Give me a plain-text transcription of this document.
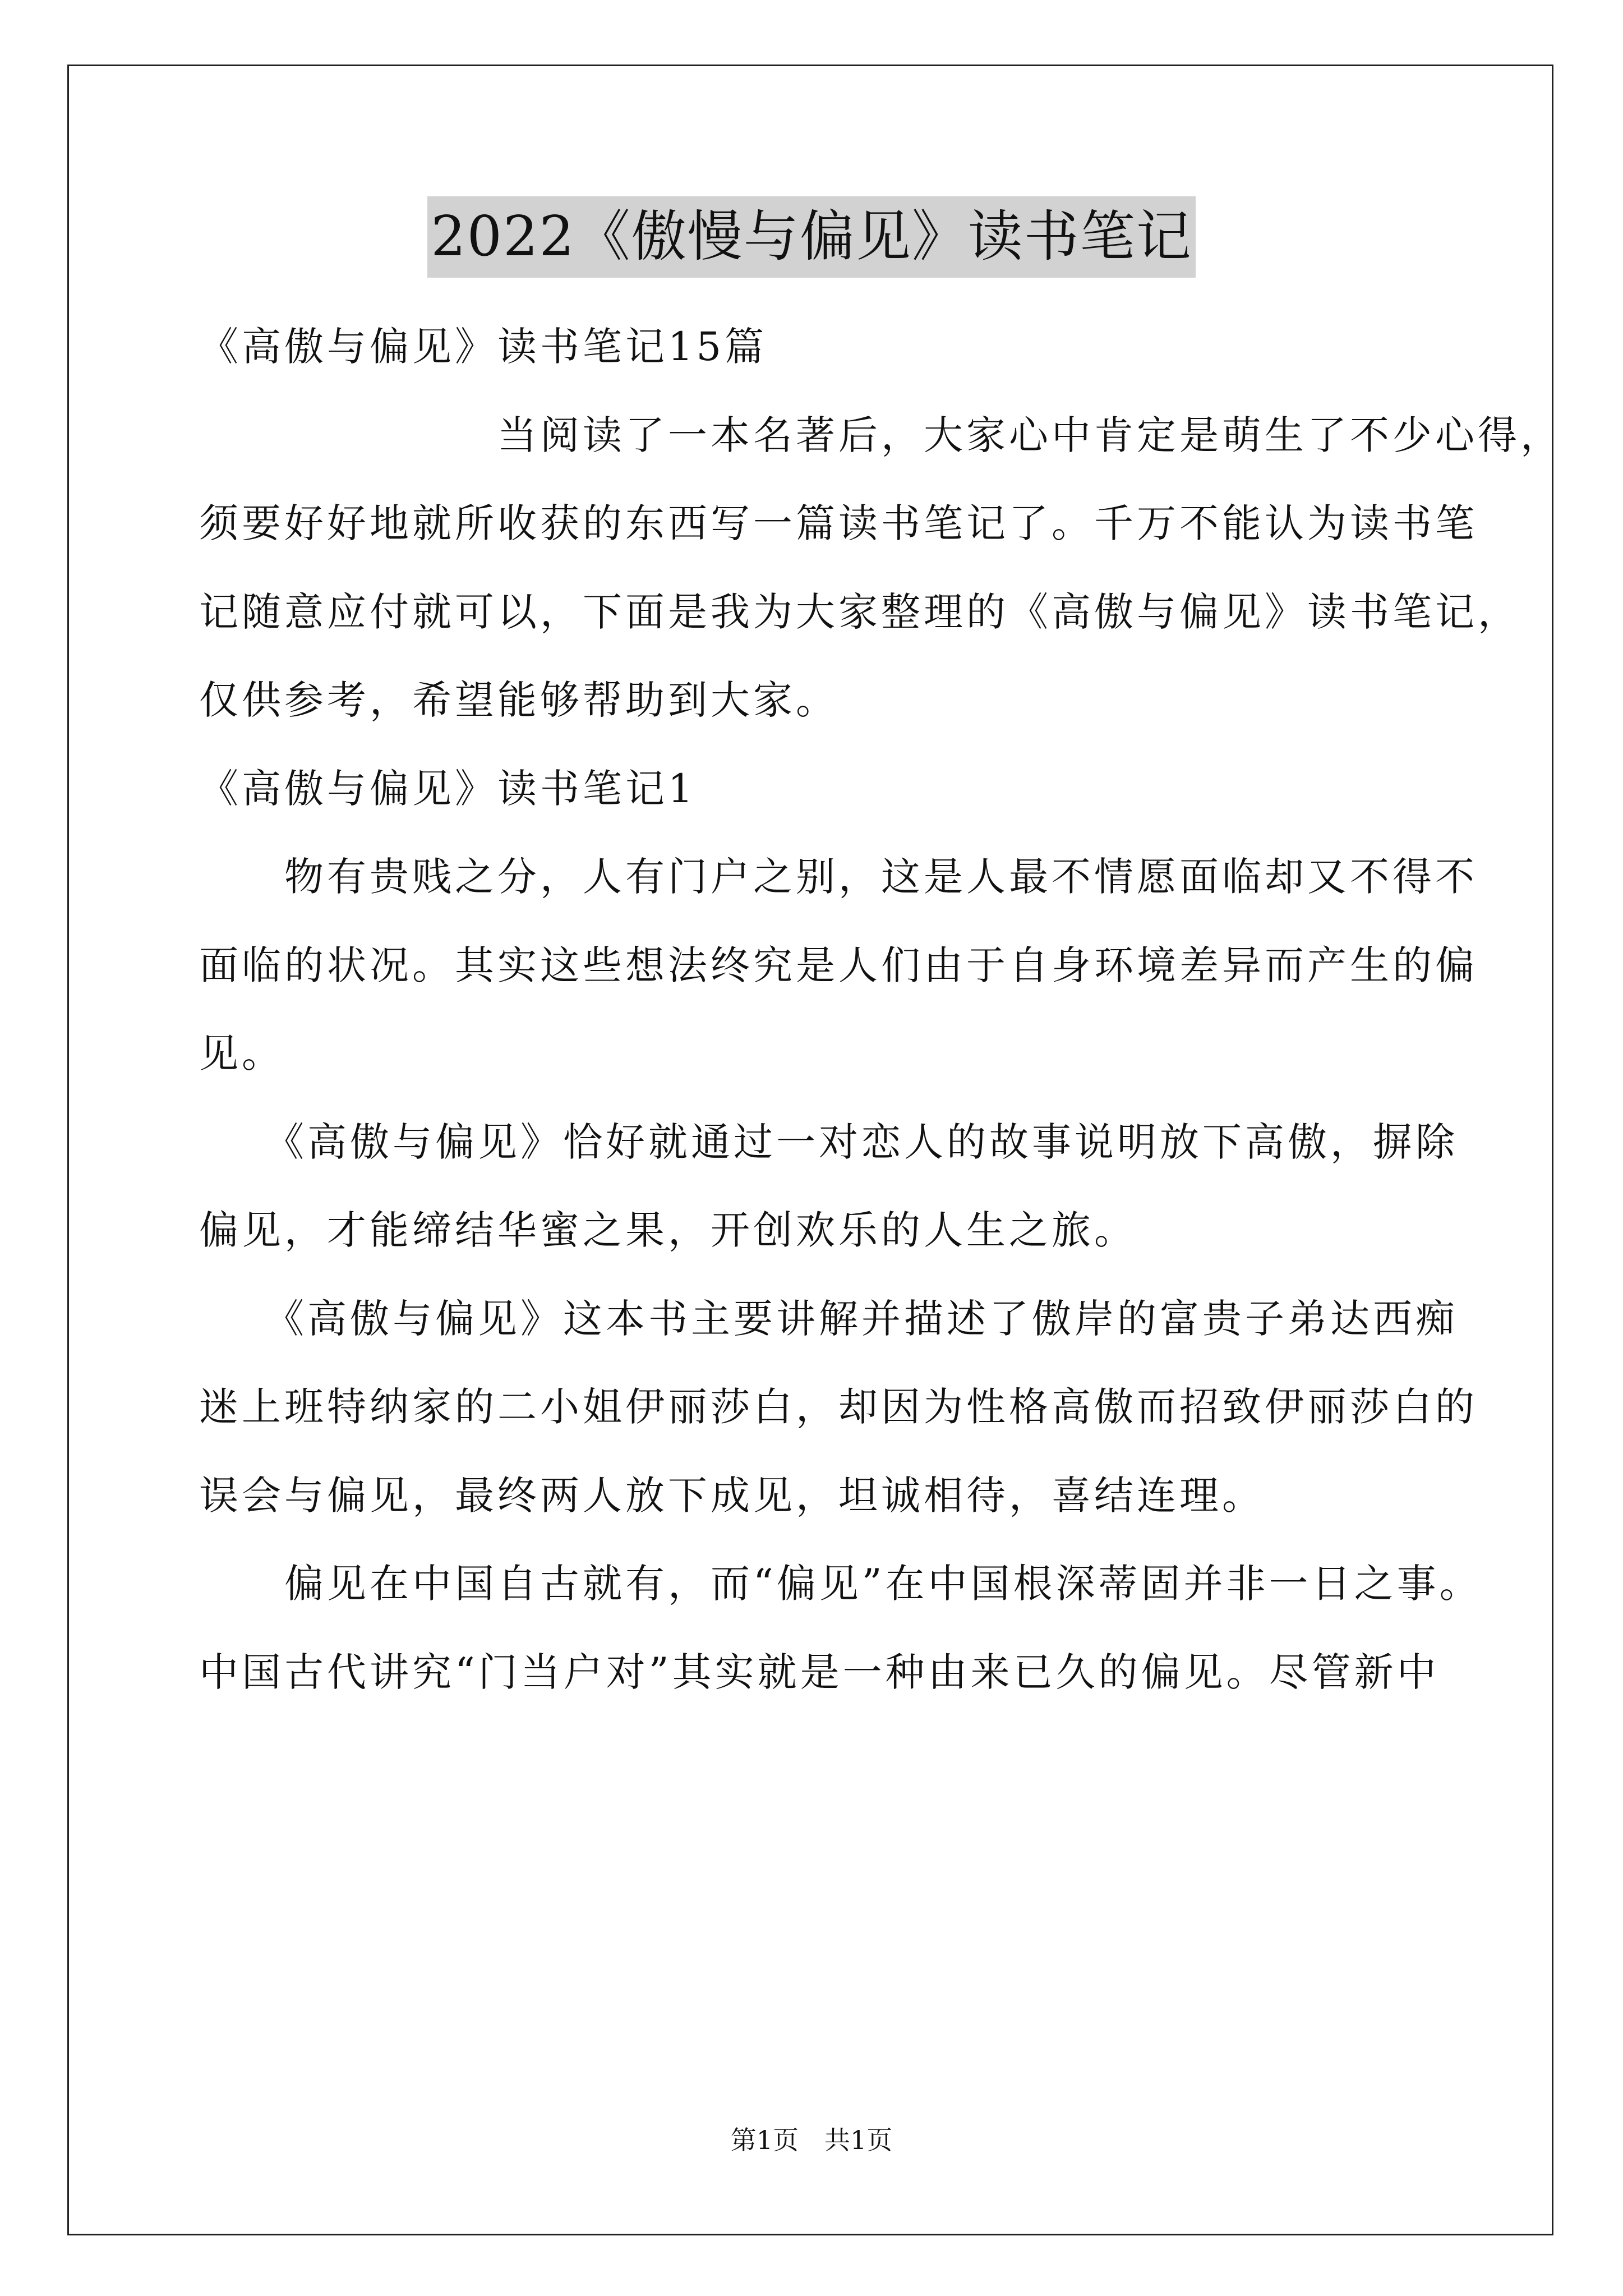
2022《傲慢与偏见》读书笔记
《高傲与偏见》读书笔记15篇
　　　　　　　当阅读了一本名著后，大家心中肯定是萌生了不少心得，
须要好好地就所收获的东西写一篇读书笔记了。千万不能认为读书笔
记随意应付就可以，下面是我为大家整理的《高傲与偏见》读书笔记，
仅供参考，希望能够帮助到大家。
《高傲与偏见》读书笔记1
　　物有贵贱之分，人有门户之别，这是人最不情愿面临却又不得不
面临的状况。其实这些想法终究是人们由于自身环境差异而产生的偏
见。
　　《高傲与偏见》恰好就通过一对恋人的故事说明放下高傲，摒除
偏见，才能缔结华蜜之果，开创欢乐的人生之旅。
　　《高傲与偏见》这本书主要讲解并描述了傲岸的富贵子弟达西痴
迷上班特纳家的二小姐伊丽莎白，却因为性格高傲而招致伊丽莎白的
误会与偏见，最终两人放下成见，坦诚相待，喜结连理。
　　偏见在中国自古就有，而“偏见”在中国根深蒂固并非一日之事。
中国古代讲究“门当户对”其实就是一种由来已久的偏见。尽管新中
第1页　共1页
